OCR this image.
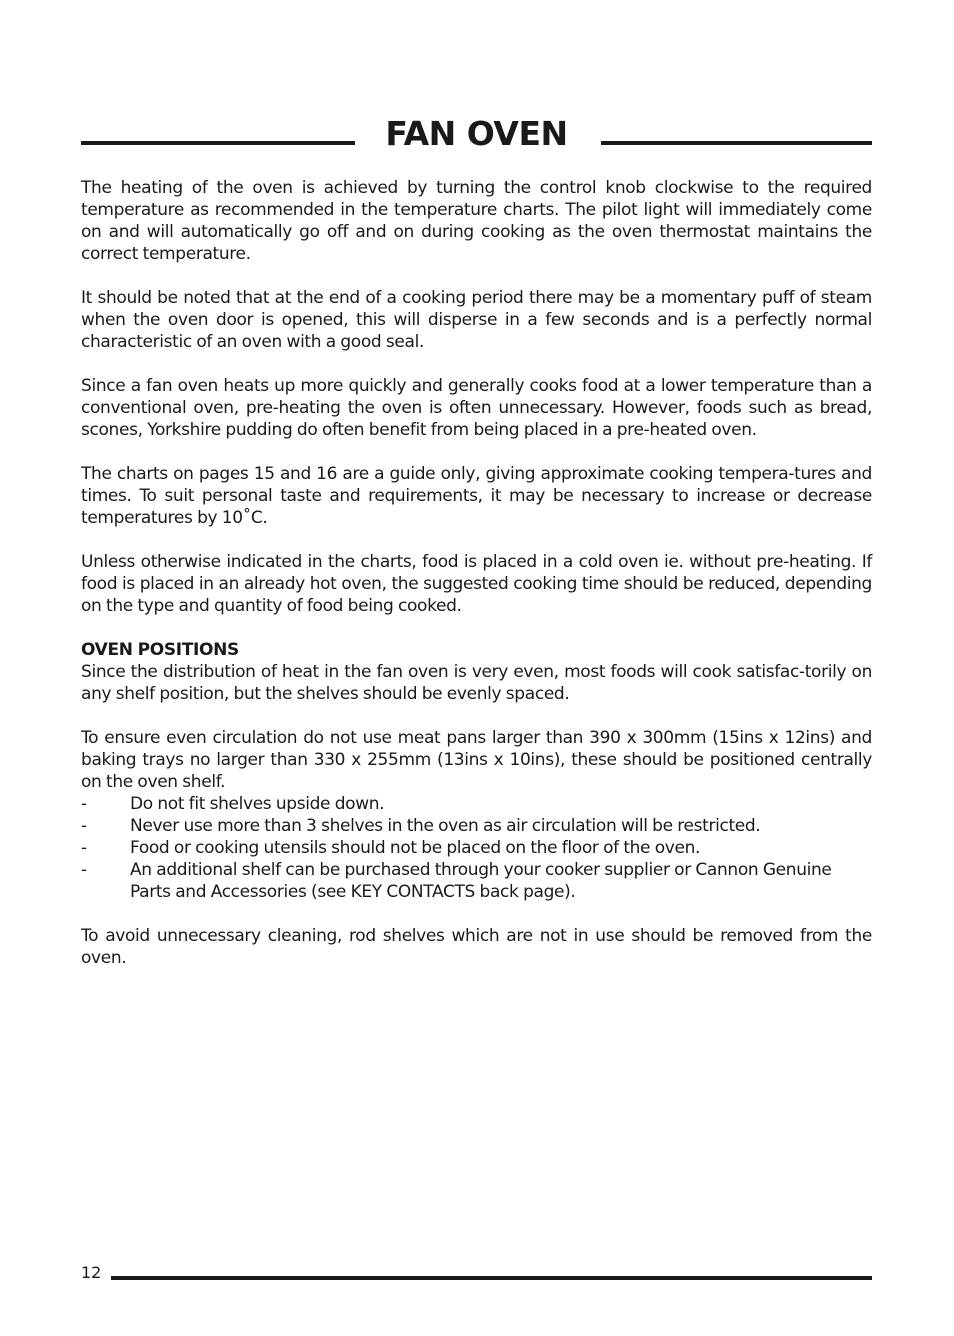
FAN OVEN

The heating of the oven is achieved by turning the control knob clockwise to the required temperature as recommended in the temperature charts. The pilot light will immediately come on and will automatically go off and on during cooking as the oven thermostat maintains the correct temperature.

It should be noted that at the end of a cooking period there may be a momentary puff of steam when the oven door is opened, this will disperse in a few seconds and is a perfectly normal characteristic of an oven with a good seal.

Since a fan oven heats up more quickly and generally cooks food at a lower temperature than a conventional oven, pre-heating the oven is often unnecessary. However, foods such as bread, scones, Yorkshire pudding do often benefit from being placed in a pre-heated oven.

The charts on pages 15 and 16 are a guide only, giving approximate cooking tempera-tures and times. To suit personal taste and requirements, it may be necessary to increase or decrease temperatures by 10˚C.

Unless otherwise indicated in the charts, food is placed in a cold oven ie. without pre-heating. If food is placed in an already hot oven, the suggested cooking time should be reduced, depending on the type and quantity of food being cooked.

OVEN POSITIONS

Since the distribution of heat in the fan oven is very even, most foods will cook satisfac-torily on any shelf position, but the shelves should be evenly spaced.

To ensure even circulation do not use meat pans larger than 390 x 300mm (15ins x 12ins) and baking trays no larger than 330 x 255mm (13ins x 10ins), these should be positioned centrally on the oven shelf.

-	Do not fit shelves upside down.
-	Never use more than 3 shelves in the oven as air circulation will be restricted.
-	Food or cooking utensils should not be placed on the floor of the oven.
-	An additional shelf can be purchased through your cooker supplier or Cannon Genuine Parts and Accessories (see KEY CONTACTS back page).

To avoid unnecessary cleaning, rod shelves which are not in use should be removed from the oven.

12
